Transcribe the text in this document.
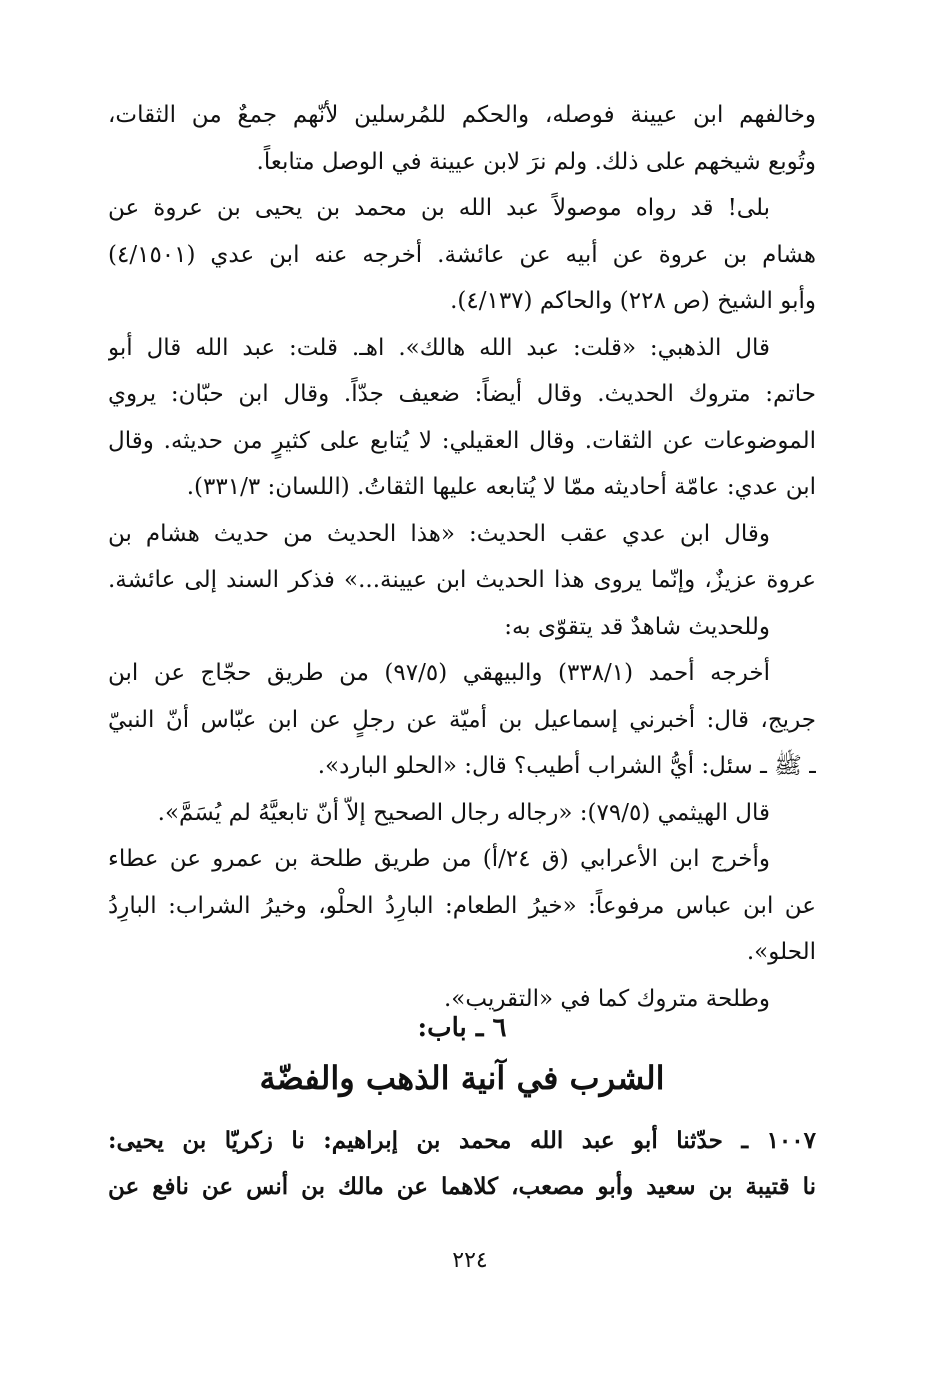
وخالفهم ابن عيينة فوصله، والحكم للمُرسلين لأنّهم جمعٌ من الثقات،
وتُوبع شيخهم على ذلك. ولم نرَ لابن عيينة في الوصل متابعاً.
بلى! قد رواه موصولاً عبد الله بن محمد بن يحيى بن عروة عن
هشام بن عروة عن أبيه عن عائشة. أخرجه عنه ابن عدي (٤/١٥٠١)
وأبو الشيخ (ص ٢٢٨) والحاكم (٤/١٣٧).
قال الذهبي: «قلت: عبد الله هالك». اهـ. قلت: عبد الله قال أبو
حاتم: متروك الحديث. وقال أيضاً: ضعيف جدّاً. وقال ابن حبّان: يروي
الموضوعات عن الثقات. وقال العقيلي: لا يُتابع على كثيرٍ من حديثه. وقال
ابن عدي: عامّة أحاديثه ممّا لا يُتابعه عليها الثقاتُ. (اللسان: ٣٣١/٣).
وقال ابن عدي عقب الحديث: «هذا الحديث من حديث هشام بن
عروة عزيزٌ، وإنّما يروى هذا الحديث ابن عيينة...» فذكر السند إلى عائشة.
وللحديث شاهدٌ قد يتقوّى به:
أخرجه أحمد (٣٣٨/١) والبيهقي (٩٧/٥) من طريق حجّاج عن ابن
جريج، قال: أخبرني إسماعيل بن أميّة عن رجلٍ عن ابن عبّاس أنّ النبيّ
ـ ﷺ ـ سئل: أيُّ الشراب أطيب؟ قال: «الحلو البارد».
قال الهيثمي (٧٩/٥): «رجاله رجال الصحيح إلاّ أنّ تابعيَّهُ لم يُسَمَّ».
وأخرج ابن الأعرابي (ق ٢٤/أ) من طريق طلحة بن عمرو عن عطاء
عن ابن عباس مرفوعاً: «خيرُ الطعام: البارِدُ الحلْو، وخيرُ الشراب: البارِدُ
الحلو».
وطلحة متروك كما في «التقريب».
٦ ـ باب:
الشرب في آنية الذهب والفضّة
١٠٠٧ ـ حدّثنا أبو عبد الله محمد بن إبراهيم: نا زكريّا بن يحيى:
نا قتيبة بن سعيد وأبو مصعب، كلاهما عن مالك بن أنس عن نافع عن
٢٢٤
